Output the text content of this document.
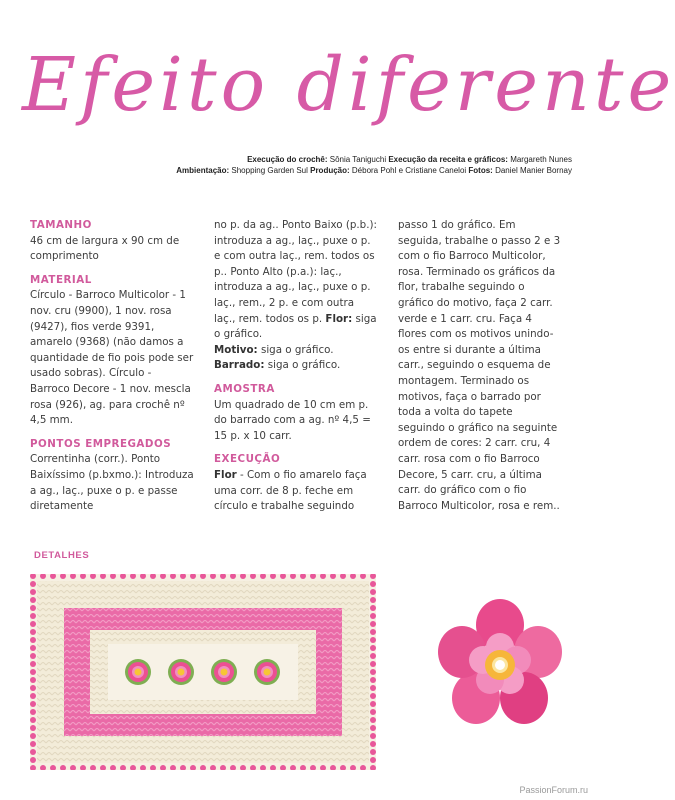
Efeito diferente
Execução do crochê: Sônia Taniguchi Execução da receita e gráficos: Margareth Nunes
Ambientação: Shopping Garden Sul Produção: Débora Pohl e Cristiane Caneloi Fotos: Daniel Manier Bornay
TAMANHO
46 cm de largura x 90 cm de comprimento
MATERIAL
Círculo - Barroco Multicolor - 1 nov. cru (9900), 1 nov. rosa (9427), fios verde 9391, amarelo (9368) (não damos a quantidade de fio pois pode ser usado sobras). Círculo - Barroco Decore - 1 nov. mescla rosa (926), ag. para crochê nº 4,5 mm.
PONTOS EMPREGADOS
Correntinha (corr.). Ponto Baixíssimo (p.bxmo.): Introduza a ag., laç., puxe o p. e passe diretamente
no p. da ag.. Ponto Baixo (p.b.): introduza a ag., laç., puxe o p. e com outra laç., rem. todos os p.. Ponto Alto (p.a.): laç., introduza a ag., laç., puxe o p. laç., rem., 2 p. e com outra laç., rem. todos os p. Flor: siga o gráfico.
Motivo: siga o gráfico.
Barrado: siga o gráfico.
AMOSTRA
Um quadrado de 10 cm em p. do barrado com a ag. nº 4,5 = 15 p. x 10 carr.
EXECUÇÃO
Flor - Com o fio amarelo faça uma corr. de 8 p. feche em círculo e trabalhe seguindo
passo 1 do gráfico. Em seguida, trabalhe o passo 2 e 3 com o fio Barroco Multicolor, rosa. Terminado os gráficos da flor, trabalhe seguindo o gráfico do motivo, faça 2 carr. verde e 1 carr. cru. Faça 4 flores com os motivos unindo-os entre si durante a última carr., seguindo o esquema de montagem. Terminado os motivos, faça o barrado por toda a volta do tapete seguindo o gráfico na seguinte ordem de cores: 2 carr. cru, 4 carr. rosa com o fio Barroco Decore, 5 carr. cru, a última carr. do gráfico com o fio Barroco Multicolor, rosa e rem..
DETALHES
PassionForum.ru
